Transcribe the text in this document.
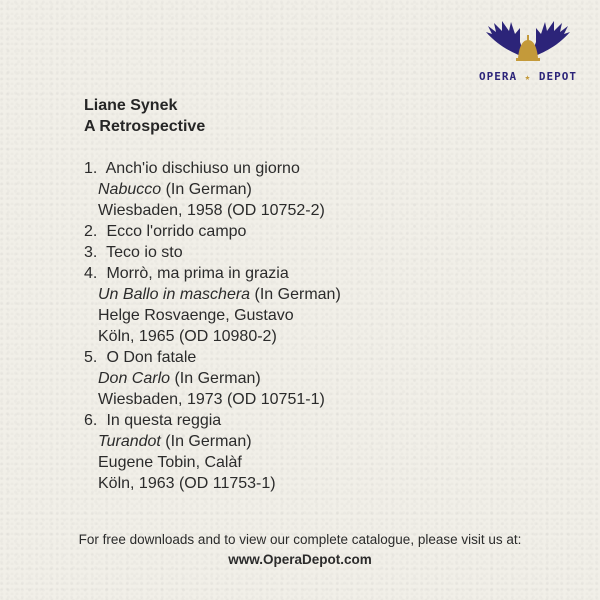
OPERA ★ DEPOT
Liane Synek
A Retrospective
1. Anch'io dischiuso un giorno
Nabucco (In German)
Wiesbaden, 1958 (OD 10752-2)
2. Ecco l'orrido campo
3. Teco io sto
4. Morrò, ma prima in grazia
Un Ballo in maschera (In German)
Helge Rosvaenge, Gustavo
Köln, 1965 (OD 10980-2)
5. O Don fatale
Don Carlo (In German)
Wiesbaden, 1973 (OD 10751-1)
6. In questa reggia
Turandot (In German)
Eugene Tobin, Calàf
Köln, 1963 (OD 11753-1)
For free downloads and to view our complete catalogue, please visit us at:
www.OperaDepot.com
